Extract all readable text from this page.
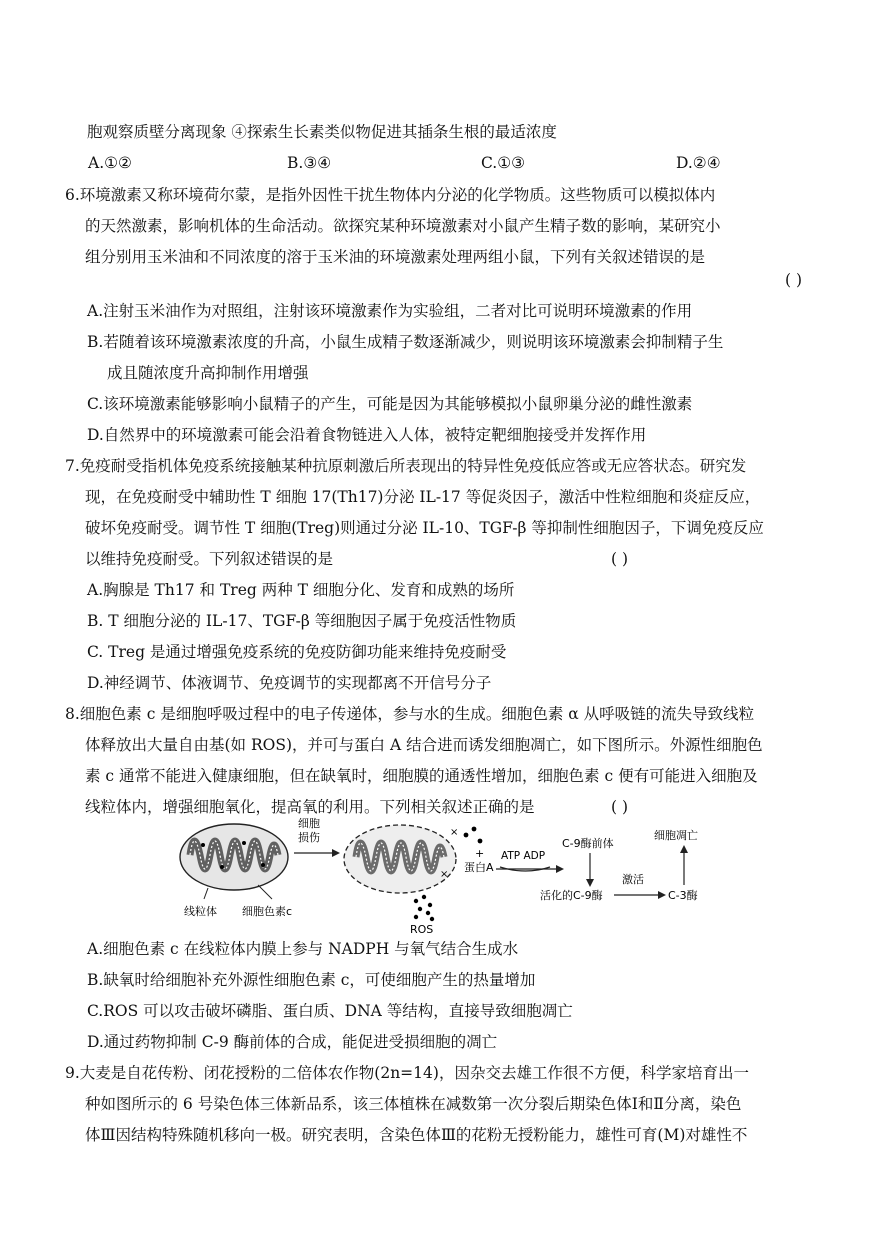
胞观察质壁分离现象 ④探索生长素类似物促进其插条生根的最适浓度
A.①②	B.③④	C.①③	D.②④
6.环境激素又称环境荷尔蒙，是指外因性干扰生物体内分泌的化学物质。这些物质可以模拟体内
的天然激素，影响机体的生命活动。欲探究某种环境激素对小鼠产生精子数的影响，某研究小
组分别用玉米油和不同浓度的溶于玉米油的环境激素处理两组小鼠，下列有关叙述错误的是
( )
A.注射玉米油作为对照组，注射该环境激素作为实验组，二者对比可说明环境激素的作用
B.若随着该环境激素浓度的升高，小鼠生成精子数逐渐减少，则说明该环境激素会抑制精子生
成且随浓度升高抑制作用增强
C.该环境激素能够影响小鼠精子的产生，可能是因为其能够模拟小鼠卵巢分泌的雌性激素
D.自然界中的环境激素可能会沿着食物链进入人体，被特定靶细胞接受并发挥作用
7.免疫耐受指机体免疫系统接触某种抗原刺激后所表现出的特异性免疫低应答或无应答状态。研究发
现，在免疫耐受中辅助性 T 细胞 17(Th17)分泌 IL-17 等促炎因子，激活中性粒细胞和炎症反应，
破坏免疫耐受。调节性 T 细胞(Treg)则通过分泌 IL-10、TGF-β 等抑制性细胞因子，下调免疫反应
以维持免疫耐受。下列叙述错误的是	( )
A.胸腺是 Th17 和 Treg 两种 T 细胞分化、发育和成熟的场所
B. T 细胞分泌的 IL-17、TGF-β 等细胞因子属于免疫活性物质
C. Treg 是通过增强免疫系统的免疫防御功能来维持免疫耐受
D.神经调节、体液调节、免疫调节的实现都离不开信号分子
8.细胞色素 c 是细胞呼吸过程中的电子传递体，参与水的生成。细胞色素 α 从呼吸链的流失导致线粒
体释放出大量自由基(如 ROS)，并可与蛋白 A 结合进而诱发细胞凋亡，如下图所示。外源性细胞色
素 c 通常不能进入健康细胞，但在缺氧时，细胞膜的通透性增加，细胞色素 c 便有可能进入细胞及
线粒体内，增强细胞氧化，提高氧的利用。下列相关叙述正确的是	( )
线粒体 细胞色素c
细胞
损伤	×
×
ROS
+
蛋白A
ATP ADP
C-9酶前体
活化的C-9酶
激活
C-3酶
细胞凋亡
A.细胞色素 c 在线粒体内膜上参与 NADPH 与氧气结合生成水
B.缺氧时给细胞补充外源性细胞色素 c，可使细胞产生的热量增加
C.ROS 可以攻击破坏磷脂、蛋白质、DNA 等结构，直接导致细胞凋亡
D.通过药物抑制 C-9 酶前体的合成，能促进受损细胞的凋亡
9.大麦是自花传粉、闭花授粉的二倍体农作物(2n=14)，因杂交去雄工作很不方便，科学家培育出一
种如图所示的 6 号染色体三体新品系，该三体植株在减数第一次分裂后期染色体Ⅰ和Ⅱ分离，染色
体Ⅲ因结构特殊随机移向一极。研究表明，含染色体Ⅲ的花粉无授粉能力，雄性可育(M)对雄性不
